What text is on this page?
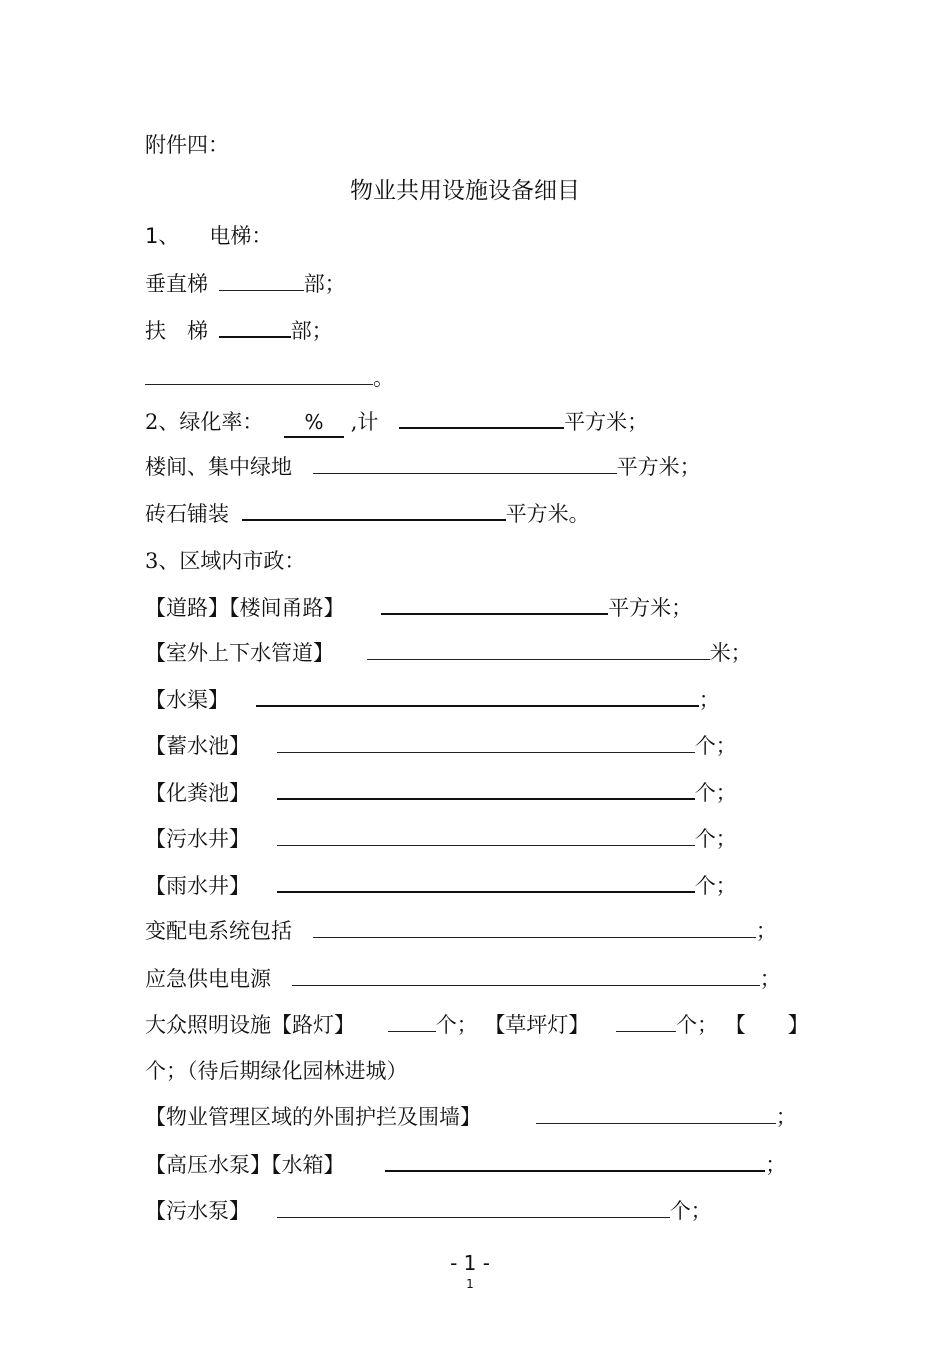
附件四：
物业共用设施设备细目
1、 电梯：
垂直梯	部；
扶　梯	部；
。
2、绿化率： % ,计	平方米；
楼间、集中绿地	平方米；
砖石铺装	平方米。
3、区域内市政：
【道路】【楼间甬路】	平方米；
【室外上下水管道】	米；
【水渠】	；
【蓄水池】	个；
【化粪池】	个；
【污水井】	个；
【雨水井】	个；
变配电系统包括	；
应急供电电源	；
大众照明设施【路灯】	个； 【草坪灯】	个； 【　　】
个；（待后期绿化园林进城）
【物业管理区域的外围护拦及围墙】	；
【高压水泵】【水箱】	；
【污水泵】	个；
- 1 -
1
